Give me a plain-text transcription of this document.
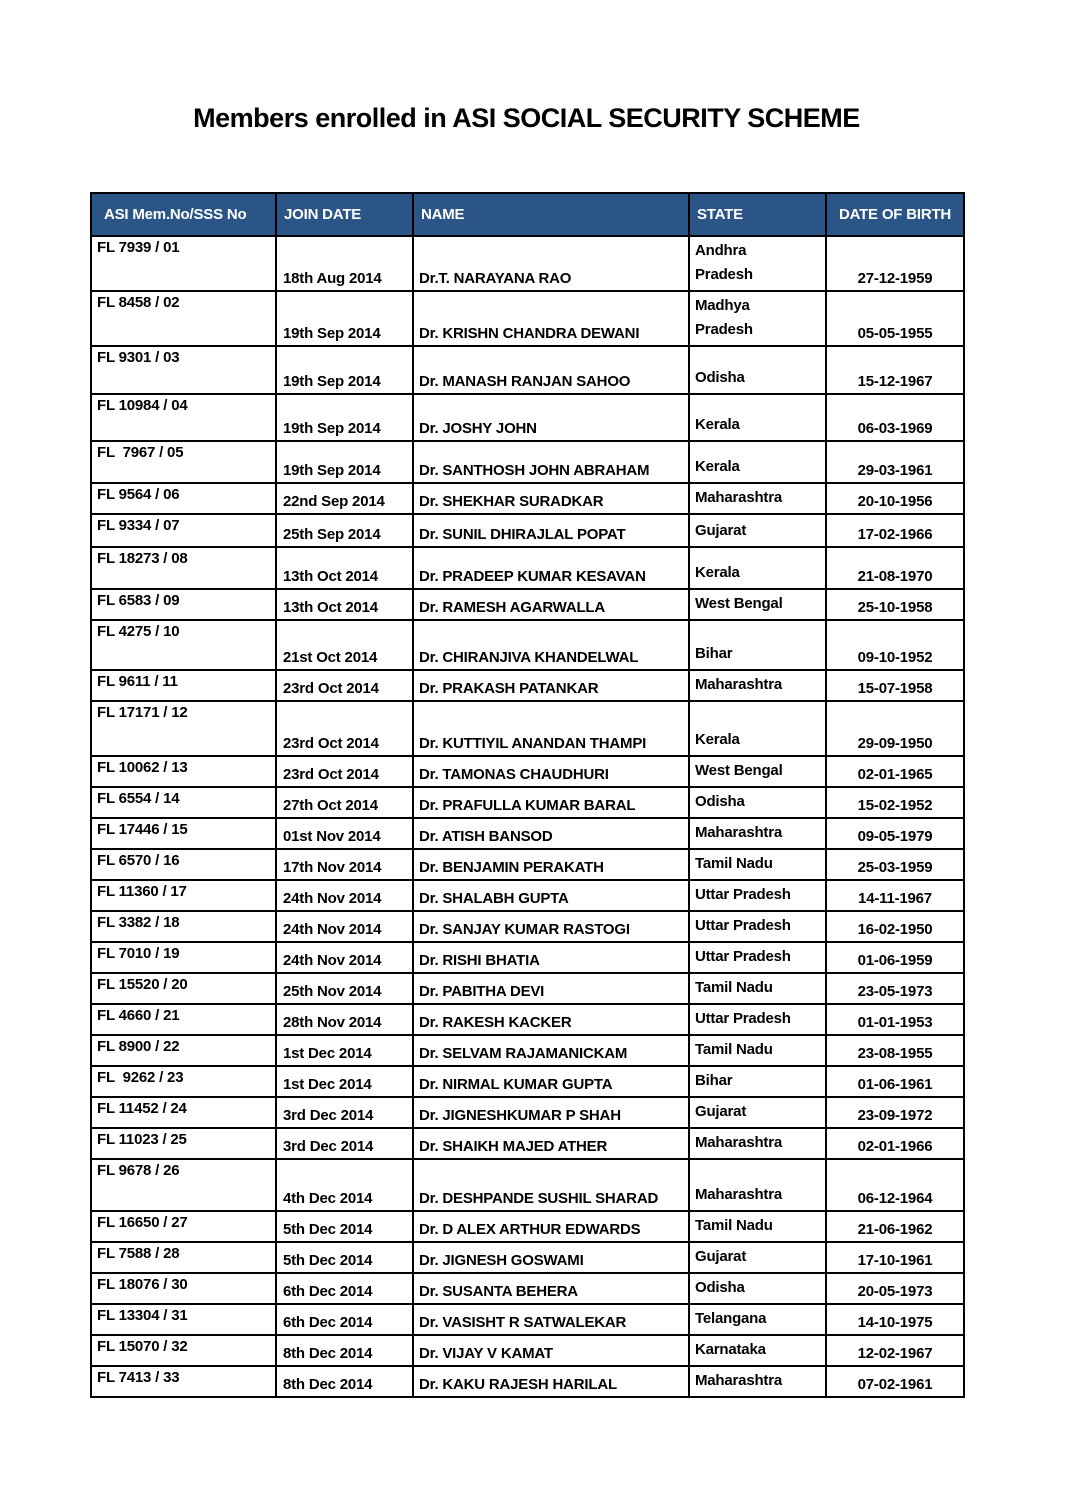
Members enrolled in ASI SOCIAL SECURITY SCHEME
ASI Mem.No/SSS No	JOIN DATE	NAME	STATE	DATE OF BIRTH
FL 7939 / 01	18th Aug 2014	Dr.T. NARAYANA RAO	Andhra Pradesh	27-12-1959
FL 8458 / 02	19th Sep 2014	Dr. KRISHN CHANDRA DEWANI	Madhya Pradesh	05-05-1955
FL 9301 / 03	19th Sep 2014	Dr. MANASH RANJAN SAHOO	Odisha	15-12-1967
FL 10984 / 04	19th Sep 2014	Dr. JOSHY JOHN	Kerala	06-03-1969
FL  7967 / 05	19th Sep 2014	Dr. SANTHOSH JOHN ABRAHAM	Kerala	29-03-1961
FL 9564 / 06	22nd Sep 2014	Dr. SHEKHAR SURADKAR	Maharashtra	20-10-1956
FL 9334 / 07	25th Sep 2014	Dr. SUNIL DHIRAJLAL POPAT	Gujarat	17-02-1966
FL 18273 / 08	13th Oct 2014	Dr. PRADEEP KUMAR KESAVAN	Kerala	21-08-1970
FL 6583 / 09	13th Oct 2014	Dr. RAMESH AGARWALLA	West Bengal	25-10-1958
FL 4275 / 10	21st Oct 2014	Dr. CHIRANJIVA KHANDELWAL	Bihar	09-10-1952
FL 9611 / 11	23rd Oct 2014	Dr. PRAKASH PATANKAR	Maharashtra	15-07-1958
FL 17171 / 12	23rd Oct 2014	Dr. KUTTIYIL ANANDAN THAMPI	Kerala	29-09-1950
FL 10062 / 13	23rd Oct 2014	Dr. TAMONAS CHAUDHURI	West Bengal	02-01-1965
FL 6554 / 14	27th Oct 2014	Dr. PRAFULLA KUMAR BARAL	Odisha	15-02-1952
FL 17446 / 15	01st Nov 2014	Dr. ATISH BANSOD	Maharashtra	09-05-1979
FL 6570 / 16	17th Nov 2014	Dr. BENJAMIN PERAKATH	Tamil Nadu	25-03-1959
FL 11360 / 17	24th Nov 2014	Dr. SHALABH GUPTA	Uttar Pradesh	14-11-1967
FL 3382 / 18	24th Nov 2014	Dr. SANJAY KUMAR RASTOGI	Uttar Pradesh	16-02-1950
FL 7010 / 19	24th Nov 2014	Dr. RISHI BHATIA	Uttar Pradesh	01-06-1959
FL 15520 / 20	25th Nov 2014	Dr. PABITHA DEVI	Tamil Nadu	23-05-1973
FL 4660 / 21	28th Nov 2014	Dr. RAKESH KACKER	Uttar Pradesh	01-01-1953
FL 8900 / 22	1st Dec 2014	Dr. SELVAM RAJAMANICKAM	Tamil Nadu	23-08-1955
FL  9262 / 23	1st Dec 2014	Dr. NIRMAL KUMAR GUPTA	Bihar	01-06-1961
FL 11452 / 24	3rd Dec 2014	Dr. JIGNESHKUMAR P SHAH	Gujarat	23-09-1972
FL 11023 / 25	3rd Dec 2014	Dr. SHAIKH MAJED ATHER	Maharashtra	02-01-1966
FL 9678 / 26	4th Dec 2014	Dr. DESHPANDE SUSHIL SHARAD	Maharashtra	06-12-1964
FL 16650 / 27	5th Dec 2014	Dr. D ALEX ARTHUR EDWARDS	Tamil Nadu	21-06-1962
FL 7588 / 28	5th Dec 2014	Dr. JIGNESH GOSWAMI	Gujarat	17-10-1961
FL 18076 / 30	6th Dec 2014	Dr. SUSANTA BEHERA	Odisha	20-05-1973
FL 13304 / 31	6th Dec 2014	Dr. VASISHT R SATWALEKAR	Telangana	14-10-1975
FL 15070 / 32	8th Dec 2014	Dr. VIJAY V KAMAT	Karnataka	12-02-1967
FL 7413 / 33	8th Dec 2014	Dr. KAKU RAJESH HARILAL	Maharashtra	07-02-1961
